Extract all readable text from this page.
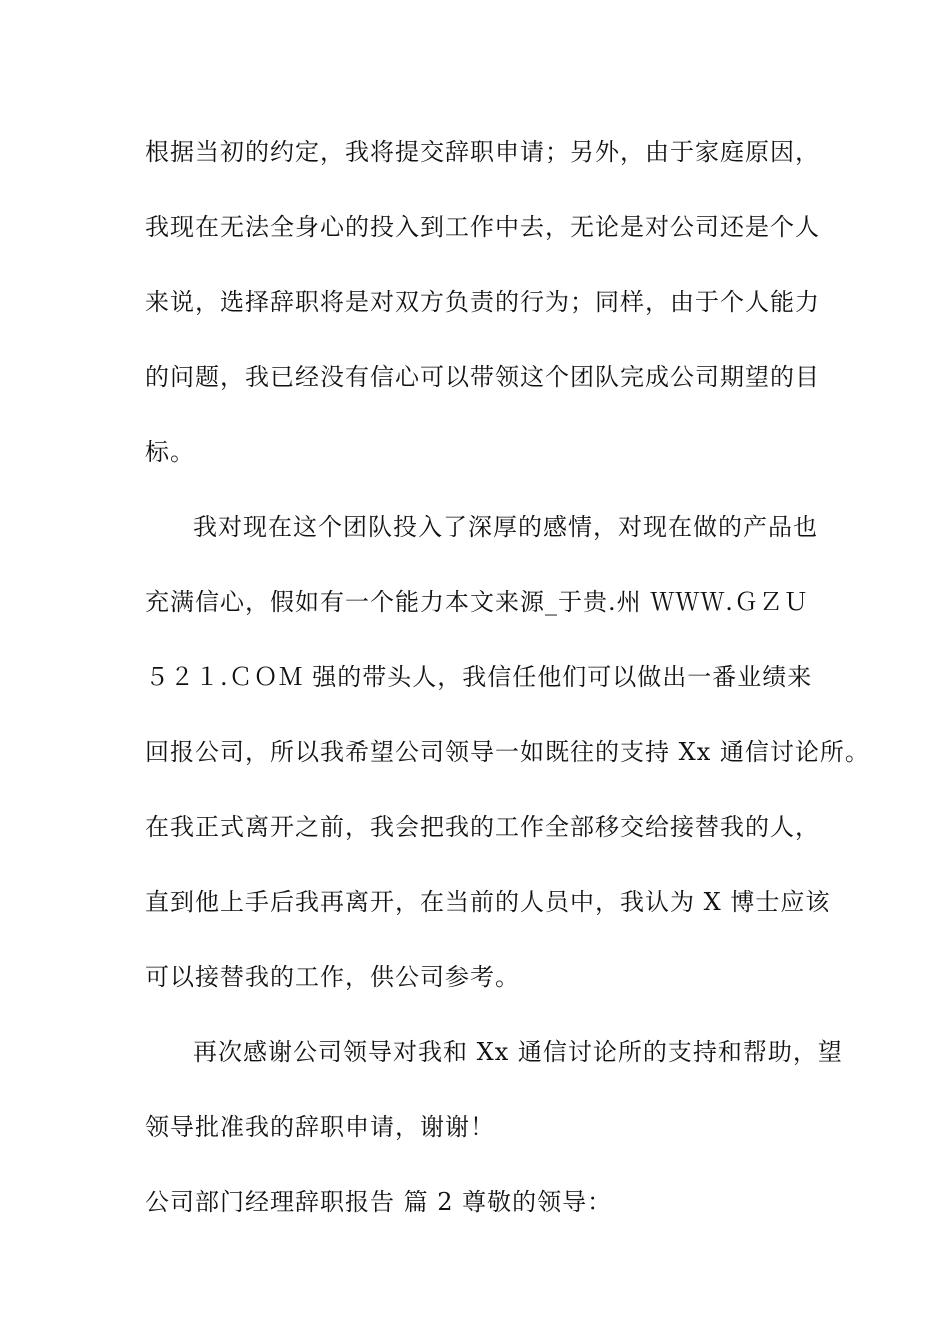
根据当初的约定，我将提交辞职申请；另外，由于家庭原因，
我现在无法全身心的投入到工作中去，无论是对公司还是个人
来说，选择辞职将是对双方负责的行为；同样，由于个人能力
的问题，我已经没有信心可以带领这个团队完成公司期望的目
标。
我对现在这个团队投入了深厚的感情，对现在做的产品也
充满信心，假如有一个能力本文来源_于贵.州 ＷＷＷ.ＧＺＵ
５２１.ＣＯＭ 强的带头人，我信任他们可以做出一番业绩来
回报公司，所以我希望公司领导一如既往的支持 Xx 通信讨论所。
在我正式离开之前，我会把我的工作全部移交给接替我的人，
直到他上手后我再离开，在当前的人员中，我认为 X 博士应该
可以接替我的工作，供公司参考。
再次感谢公司领导对我和 Xx 通信讨论所的支持和帮助，望
领导批准我的辞职申请，谢谢！
公司部门经理辞职报告 篇 2 尊敬的领导：
